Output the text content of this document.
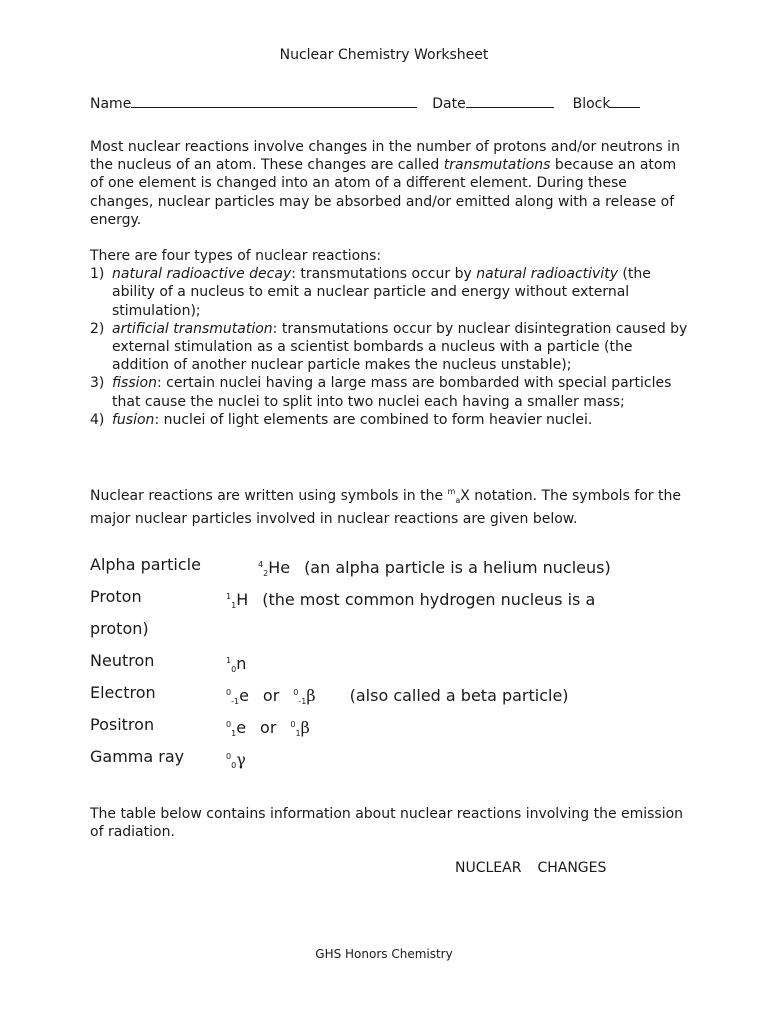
Nuclear Chemistry Worksheet
Name	Date	Block
Most nuclear reactions involve changes in the number of protons and/or neutrons in the nucleus of an atom. These changes are called transmutations because an atom of one element is changed into an atom of a different element. During these changes, nuclear particles may be absorbed and/or emitted along with a release of energy.
There are four types of nuclear reactions:
1) natural radioactive decay: transmutations occur by natural radioactivity (the ability of a nucleus to emit a nuclear particle and energy without external stimulation);
2) artificial transmutation: transmutations occur by nuclear disintegration caused by external stimulation as a scientist bombards a nucleus with a particle (the addition of another nuclear particle makes the nucleus unstable);
3) fission: certain nuclei having a large mass are bombarded with special particles that cause the nuclei to split into two nuclei each having a smaller mass;
4) fusion: nuclei of light elements are combined to form heavier nuclei.
Nuclear reactions are written using symbols in the $^m_a$X notation. The symbols for the major nuclear particles involved in nuclear reactions are given below.
Alpha particle	$^4_2$He (an alpha particle is a helium nucleus)
Proton	$^1_1$H (the most common hydrogen nucleus is a
proton)
Neutron	$^1_0$n
Electron	$^0_{-1}$e or $^0_{-1}$β (also called a beta particle)
Positron	$^0_1$e or $^0_1$β
Gamma ray	$^0_0$γ
The table below contains information about nuclear reactions involving the emission of radiation.
NUCLEAR CHANGES
GHS Honors Chemistry
